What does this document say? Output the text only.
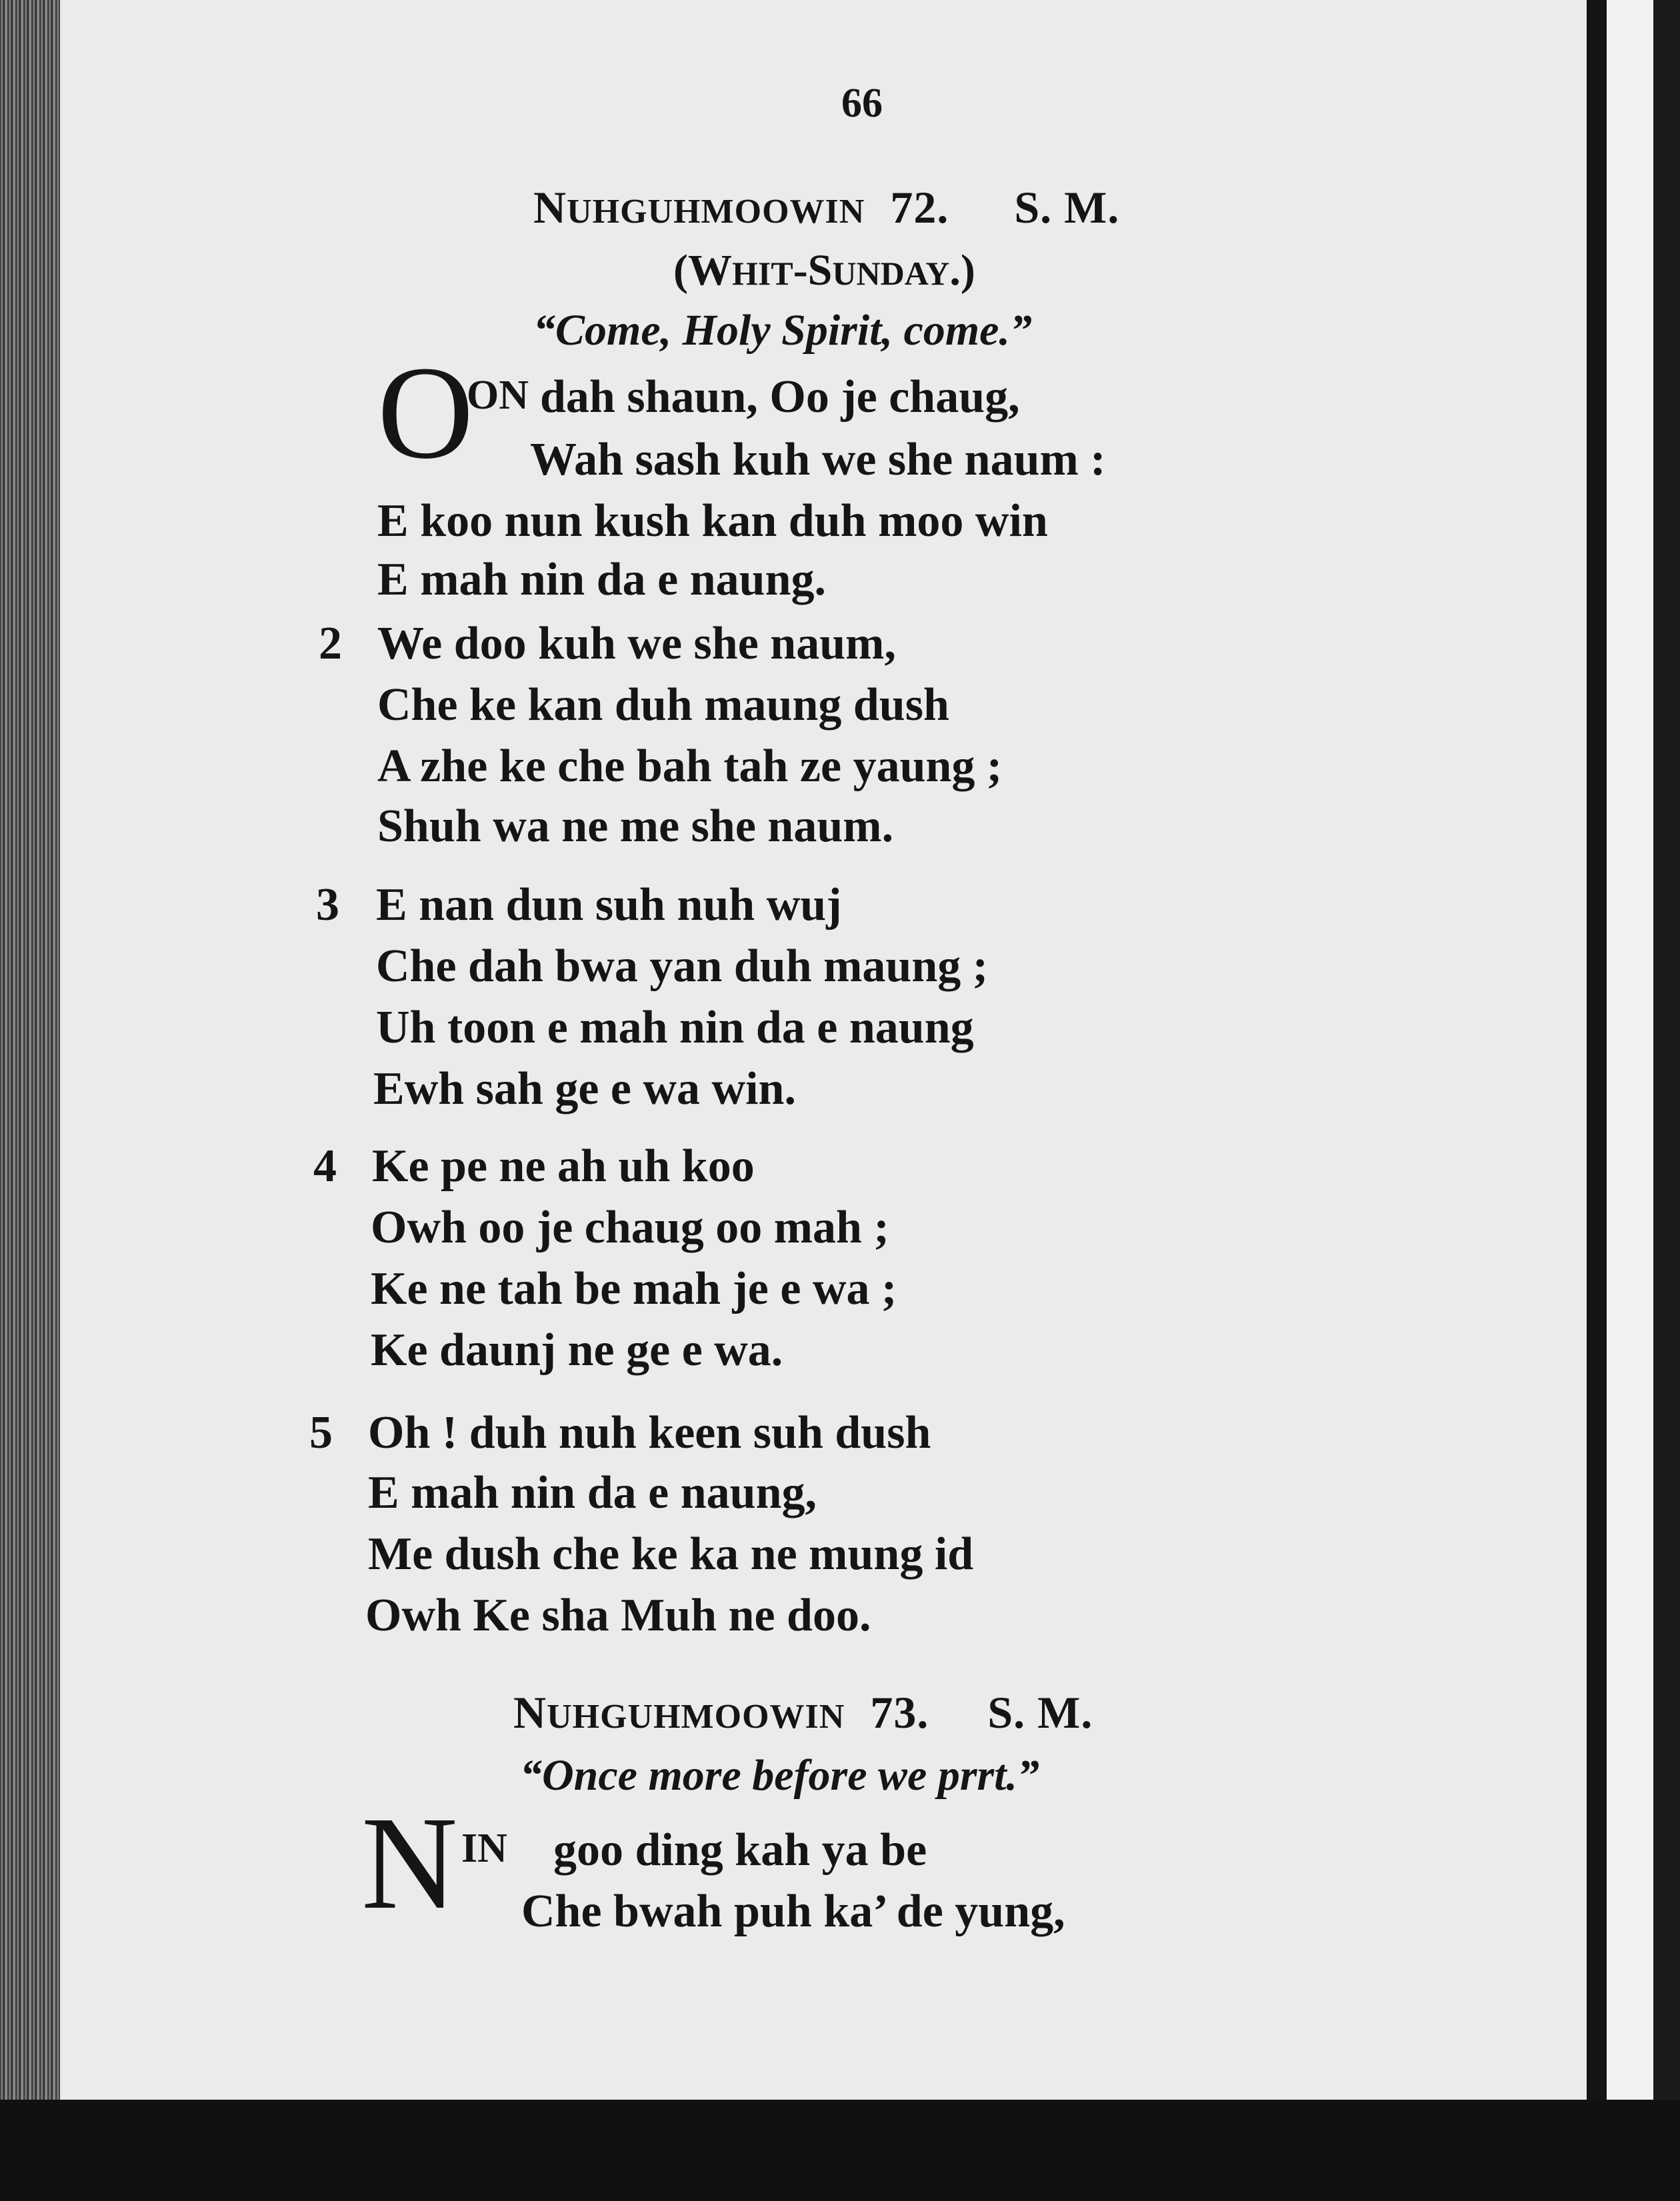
66
NUHGUHMOOWIN 72. S. M.
(WHIT-SUNDAY.)
“Come, Holy Spirit, come.”
O
ON dah shaun, Oo je chaug,
Wah sash kuh we she naum :
E koo nun kush kan duh moo win
E mah nin da e naung.
2 We doo kuh we she naum,
Che ke kan duh maung dush
A zhe ke che bah tah ze yaung ;
Shuh wa ne me she naum.
3 E nan dun suh nuh wuj
Che dah bwa yan duh maung ;
Uh toon e mah nin da e naung
Ewh sah ge e wa win.
4 Ke pe ne ah uh koo
Owh oo je chaug oo mah ;
Ke ne tah be mah je e wa ;
Ke daunj ne ge e wa.
5 Oh ! duh nuh keen suh dush
E mah nin da e naung,
Me dush che ke ka ne mung id
Owh Ke sha Muh ne doo.
NUHGUHMOOWIN 73. S. M.
“Once more before we prrt.”
N IN goo ding kah ya be
Che bwah puh ka’ de yung,
